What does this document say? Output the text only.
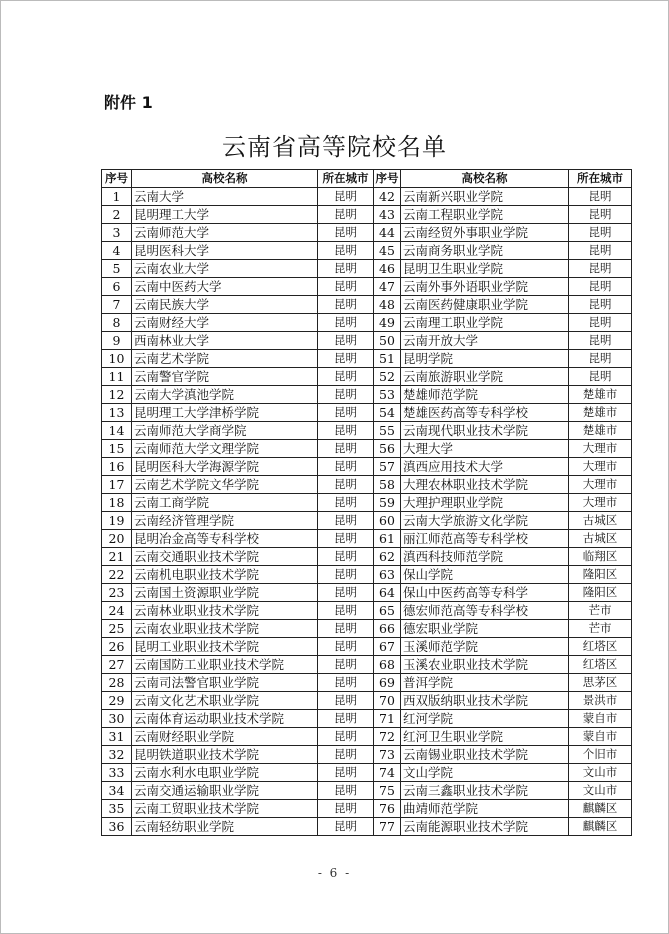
附件 1
云南省高等院校名单
序号	高校名称	所在城市	序号	高校名称	所在城市
1	云南大学	昆明	42	云南新兴职业学院	昆明
2	昆明理工大学	昆明	43	云南工程职业学院	昆明
3	云南师范大学	昆明	44	云南经贸外事职业学院	昆明
4	昆明医科大学	昆明	45	云南商务职业学院	昆明
5	云南农业大学	昆明	46	昆明卫生职业学院	昆明
6	云南中医药大学	昆明	47	云南外事外语职业学院	昆明
7	云南民族大学	昆明	48	云南医药健康职业学院	昆明
8	云南财经大学	昆明	49	云南理工职业学院	昆明
9	西南林业大学	昆明	50	云南开放大学	昆明
10	云南艺术学院	昆明	51	昆明学院	昆明
11	云南警官学院	昆明	52	云南旅游职业学院	昆明
12	云南大学滇池学院	昆明	53	楚雄师范学院	楚雄市
13	昆明理工大学津桥学院	昆明	54	楚雄医药高等专科学校	楚雄市
14	云南师范大学商学院	昆明	55	云南现代职业技术学院	楚雄市
15	云南师范大学文理学院	昆明	56	大理大学	大理市
16	昆明医科大学海源学院	昆明	57	滇西应用技术大学	大理市
17	云南艺术学院文华学院	昆明	58	大理农林职业技术学院	大理市
18	云南工商学院	昆明	59	大理护理职业学院	大理市
19	云南经济管理学院	昆明	60	云南大学旅游文化学院	古城区
20	昆明冶金高等专科学校	昆明	61	丽江师范高等专科学校	古城区
21	云南交通职业技术学院	昆明	62	滇西科技师范学院	临翔区
22	云南机电职业技术学院	昆明	63	保山学院	隆阳区
23	云南国土资源职业学院	昆明	64	保山中医药高等专科学	隆阳区
24	云南林业职业技术学院	昆明	65	德宏师范高等专科学校	芒市
25	云南农业职业技术学院	昆明	66	德宏职业学院	芒市
26	昆明工业职业技术学院	昆明	67	玉溪师范学院	红塔区
27	云南国防工业职业技术学院	昆明	68	玉溪农业职业技术学院	红塔区
28	云南司法警官职业学院	昆明	69	普洱学院	思茅区
29	云南文化艺术职业学院	昆明	70	西双版纳职业技术学院	景洪市
30	云南体育运动职业技术学院	昆明	71	红河学院	蒙自市
31	云南财经职业学院	昆明	72	红河卫生职业学院	蒙自市
32	昆明铁道职业技术学院	昆明	73	云南锡业职业技术学院	个旧市
33	云南水利水电职业学院	昆明	74	文山学院	文山市
34	云南交通运输职业学院	昆明	75	云南三鑫职业技术学院	文山市
35	云南工贸职业技术学院	昆明	76	曲靖师范学院	麒麟区
36	云南轻纺职业学院	昆明	77	云南能源职业技术学院	麒麟区
- 6 -
